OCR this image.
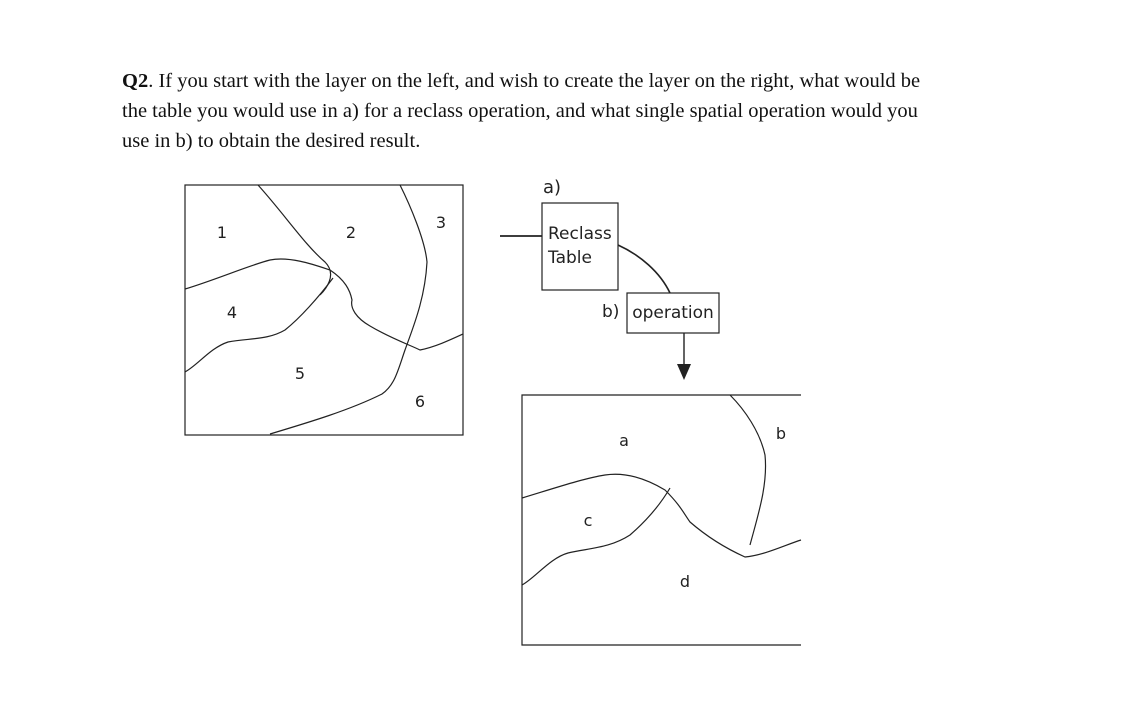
Q2. If you start with the layer on the left, and wish to create the layer on the right, what would be the table you would use in a) for a reclass operation, and what single spatial operation would you use in b) to obtain the desired result.

1	2
3
4
5
6
a)
Reclass
Table
b) operation
a	b
c
d
